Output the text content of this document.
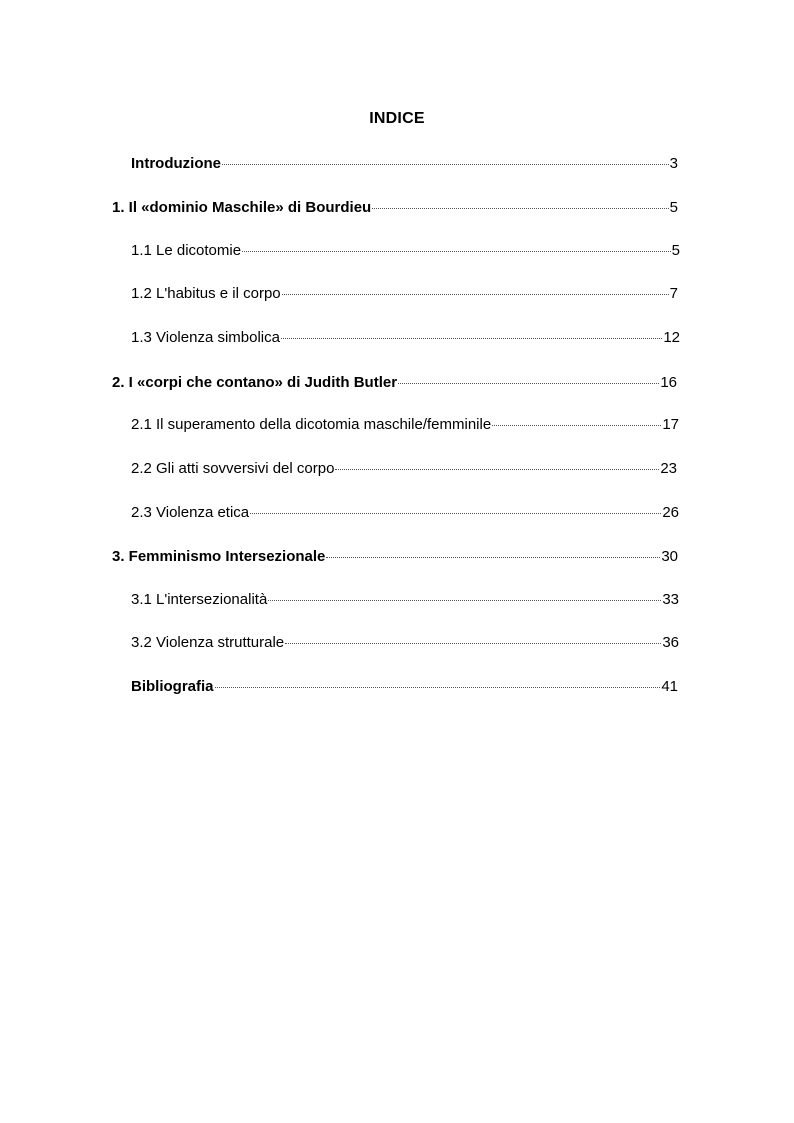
INDICE
Introduzione	3
1. Il «dominio Maschile» di Bourdieu	5
1.1 Le dicotomie	5
1.2 L'habitus e il corpo	7
1.3 Violenza simbolica	12
2. I «corpi che contano» di Judith Butler	16
2.1 Il superamento della dicotomia maschile/femminile	17
2.2 Gli atti sovversivi del corpo	23
2.3 Violenza etica	26
3. Femminismo Intersezionale	30
3.1 L'intersezionalità	33
3.2 Violenza strutturale	36
Bibliografia	41
